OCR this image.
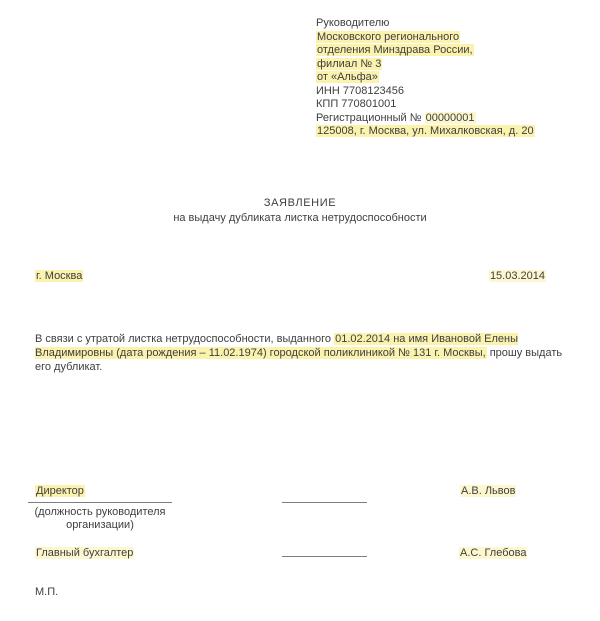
Руководителю
Московского регионального
отделения Минздрава России,
филиал № 3
от «Альфа»
ИНН 7708123456
КПП 770801001
Регистрационный № 00000001
125008, г. Москва, ул. Михалковская, д. 20
ЗАЯВЛЕНИЕ
на выдачу дубликата листка нетрудоспособности
г. Москва	15.03.2014
В связи с утратой листка нетрудоспособности, выданного 01.02.2014 на имя Ивановой Елены Владимировны (дата рождения – 11.02.1974) городской поликлиникой № 131 г. Москвы, прошу выдать его дубликат.
Директор	А.В. Львов
(должность руководителя
организации)
Главный бухгалтер	А.С. Глебова
М.П.
